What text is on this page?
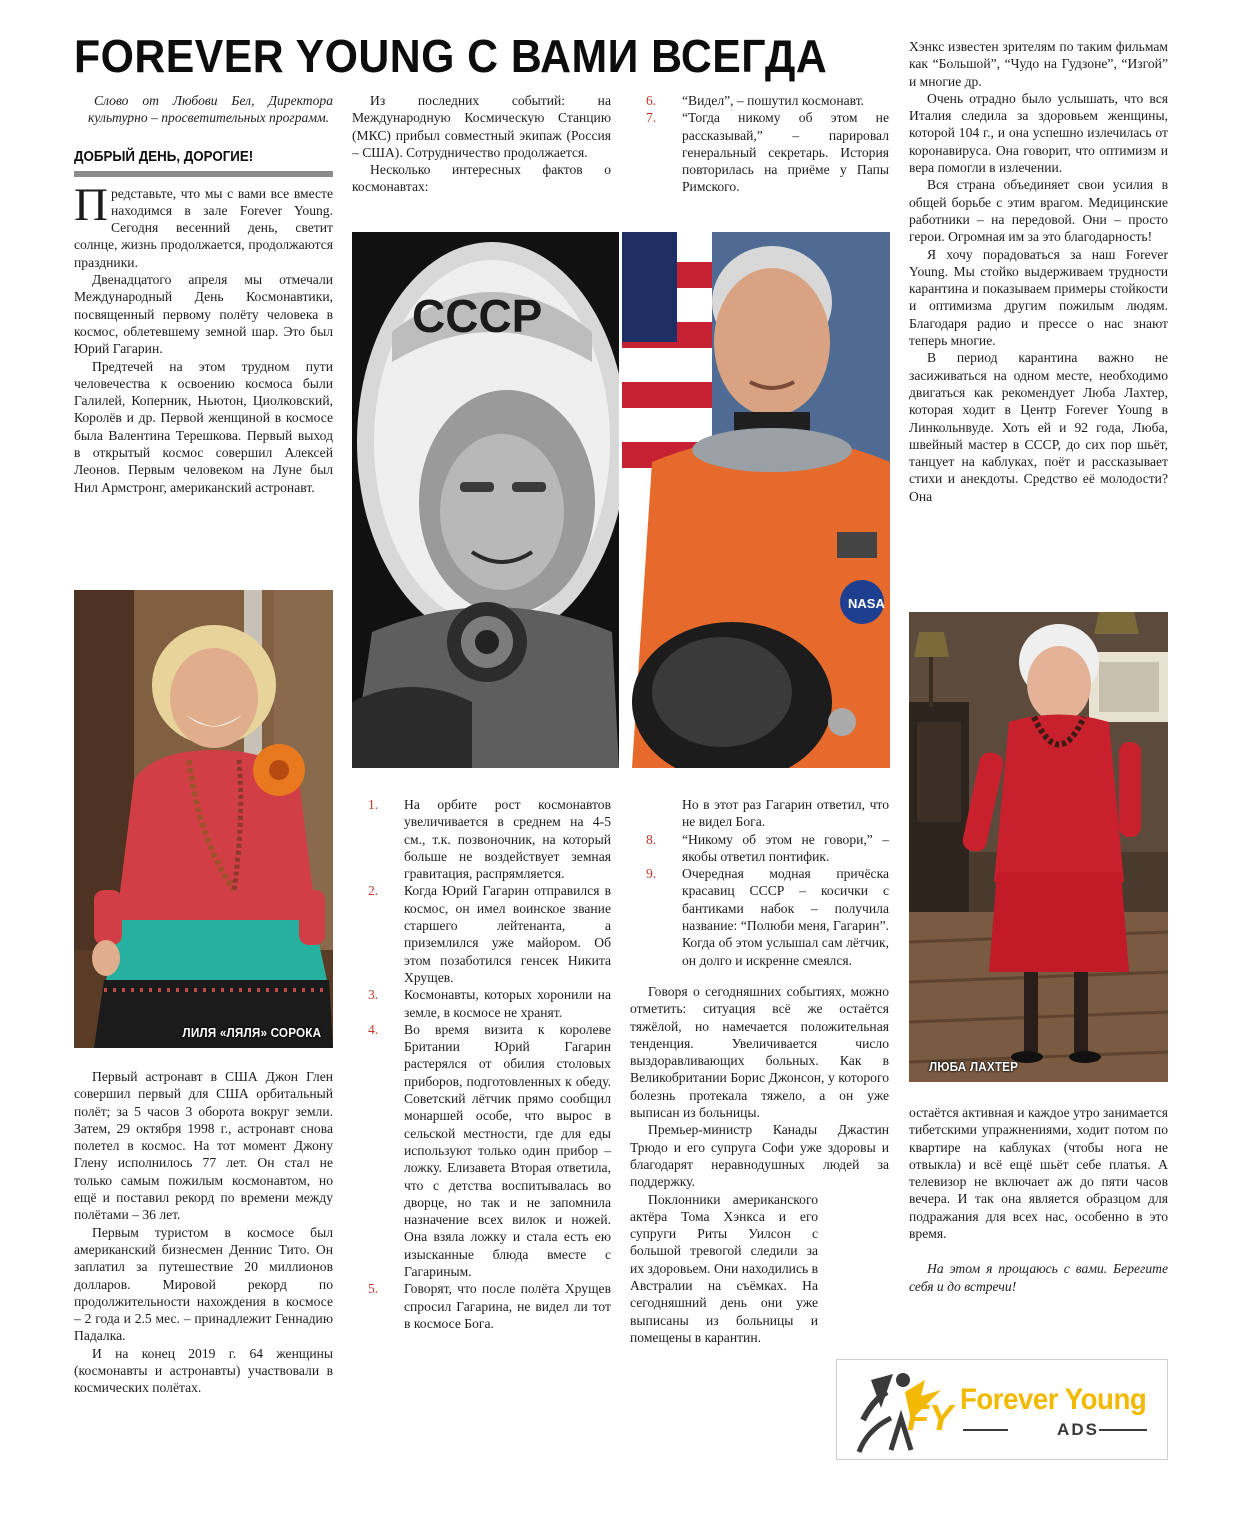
FOREVER YOUNG С ВАМИ ВСЕГДА

Слово от Любови Бел, Директора культурно – просветительных программ.

ДОБРЫЙ ДЕНЬ, ДОРОГИЕ!

Представьте, что мы с вами все вместе находимся в зале Forever Young. Сегодня весенний день, светит солнце, жизнь продолжается, продолжаются праздники.

Двенадцатого апреля мы отмечали Международный День Космонавтики, посвященный первому полёту человека в космос, облетевшему земной шар. Это был Юрий Гагарин.

Предтечей на этом трудном пути человечества к освоению космоса были Галилей, Коперник, Ньютон, Циолковский, Королёв и др. Первой женщиной в космосе была Валентина Терешкова. Первый выход в открытый космос совершил Алексей Леонов. Первым человеком на Луне был Нил Армстронг, американский астронавт.

ЛИЛЯ «ЛЯЛЯ» СОРОКА

Первый астронавт в США Джон Глен совершил первый для США орбитальный полёт; за 5 часов 3 оборота вокруг земли. Затем, 29 октября 1998 г., астронавт снова полетел в космос. На тот момент Джону Глену исполнилось 77 лет. Он стал не только самым пожилым космонавтом, но ещё и поставил рекорд по времени между полётами – 36 лет.

Первым туристом в космосе был американский бизнесмен Деннис Тито. Он заплатил за путешествие 20 миллионов долларов. Мировой рекорд по продолжительности нахождения в космосе – 2 года и 2.5 мес. – принадлежит Геннадию Падалка.

И на конец 2019 г. 64 женщины (космонавты и астронавты) участвовали в космических полётах.

Из последних событий: на Международную Космическую Станцию (МКС) прибыл совместный экипаж (Россия – США). Сотрудничество продолжается.

Несколько интересных фактов о космонавтах:

6. “Видел”, – пошутил космонавт.
7. “Тогда никому об этом не рассказывай,” – парировал генеральный секретарь. История повторилась на приёме у Папы Римского.
СССР
NASA
1. На орбите рост космонавтов увеличивается в среднем на 4-5 см., т.к. позвоночник, на который больше не воздействует земная гравитация, распрямляется.
2. Когда Юрий Гагарин отправился в космос, он имел воинское звание старшего лейтенанта, а приземлился уже майором. Об этом позаботился генсек Никита Хрущев.
3. Космонавты, которых хоронили на земле, в космосе не хранят.
4. Во время визита к королеве Британии Юрий Гагарин растерялся от обилия столовых приборов, подготовленных к обеду. Советский лётчик прямо сообщил монаршей особе, что вырос в сельской местности, где для еды используют только один прибор – ложку. Елизавета Вторая ответила, что с детства воспитывалась во дворце, но так и не запомнила назначение всех вилок и ножей. Она взяла ложку и стала есть ею изысканные блюда вместе с Гагариным.
5. Говорят, что после полёта Хрущев спросил Гагарина, не видел ли тот в космосе Бога.
Но в этот раз Гагарин ответил, что не видел Бога.
8. “Никому об этом не говори,” – якобы ответил понтифик.
9. Очередная модная причёска красавиц СССР – косички с бантиками набок – получила название: “Полюби меня, Гагарин”. Когда об этом услышал сам лётчик, он долго и искренне смеялся.

Говоря о сегодняшних событиях, можно отметить: ситуация всё же остаётся тяжёлой, но намечается положительная тенденция. Увеличивается число выздоравливающих больных. Как в Великобритании Борис Джонсон, у которого болезнь протекала тяжело, а он уже выписан из больницы.

Премьер-министр Канады Джастин Трюдо и его супруга Софи уже здоровы и благодарят неравнодушных людей за поддержку.

Поклонники американского актёра Тома Хэнкса и его супруги Риты Уилсон с большой тревогой следили за их здоровьем. Они находились в Австралии на съёмках. На сегодняшний день они уже выписаны из больницы и помещены в карантин.

Хэнкс известен зрителям по таким фильмам как “Большой”, “Чудо на Гудзоне”, “Изгой” и многие др.

Очень отрадно было услышать, что вся Италия следила за здоровьем женщины, которой 104 г., и она успешно излечилась от коронавируса. Она говорит, что оптимизм и вера помогли в излечении.

Вся страна объединяет свои усилия в общей борьбе с этим врагом. Медицинские работники – на передовой. Они – просто герои. Огромная им за это благодарность!

Я хочу порадоваться за наш Forever Young. Мы стойко выдерживаем трудности карантина и показываем примеры стойкости и оптимизма другим пожилым людям. Благодаря радио и прессе о нас знают теперь многие.

В период карантина важно не засиживаться на одном месте, необходимо двигаться как рекомендует Люба Лахтер, которая ходит в Центр Forever Young в Линкольнвуде. Хоть ей и 92 года, Люба, швейный мастер в СССР, до сих пор шьёт, танцует на каблуках, поёт и рассказывает стихи и анекдоты. Средство её молодости? Она

ЛЮБА ЛАХТЕР

остаётся активная и каждое утро занимается тибетскими упражнениями, ходит потом по квартире на каблуках (чтобы нога не отвыкла) и всё ещё шьёт себе платья. А телевизор не включает аж до пяти часов вечера. И так она является образцом для подражания для всех нас, особенно в это время.

На этом я прощаюсь с вами. Берегите себя и до встречи!

FY Forever Young
ADS
